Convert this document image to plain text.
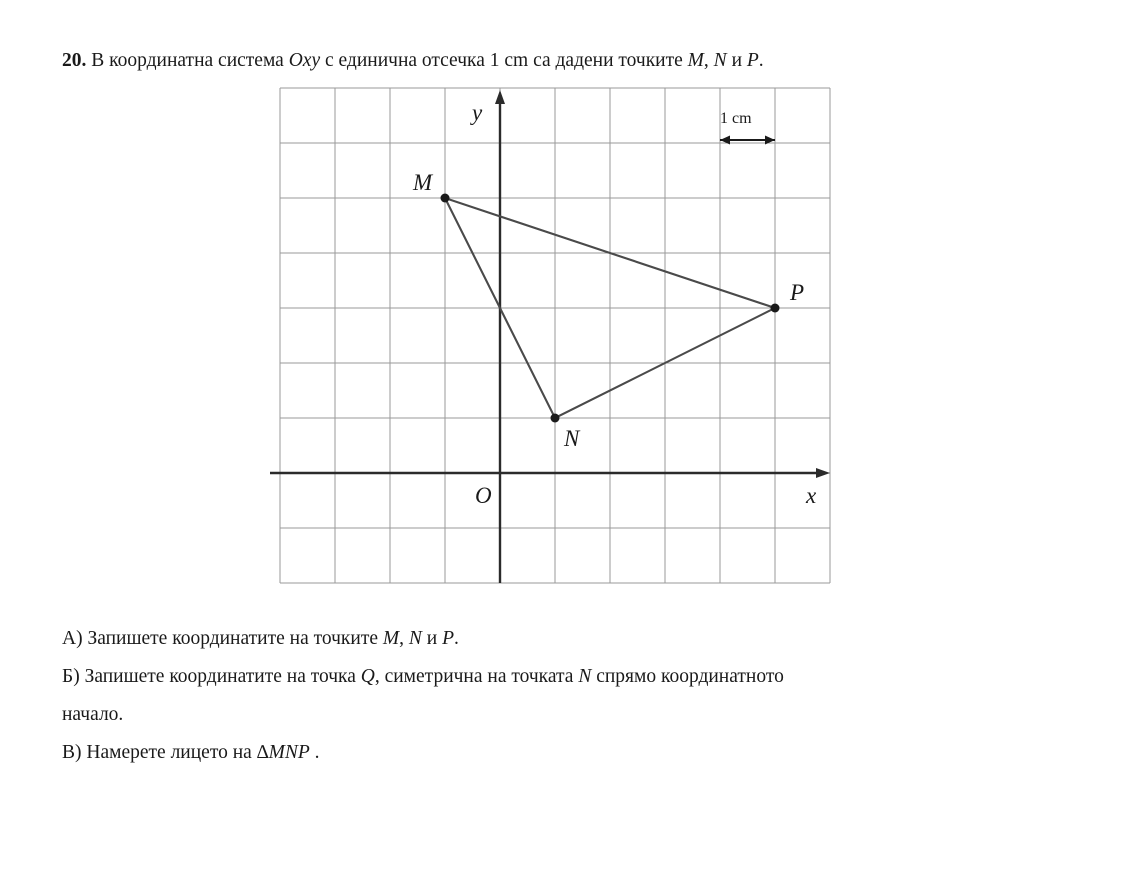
20. В координатна система Oxy с единична отсечка 1 cm са дадени точките M, N и P.
M
N
P
O	x
y	1 cm
А) Запишете координатите на точките M, N и P.
Б) Запишете координатите на точка Q, симетрична на точката N спрямо координатното
начало.
В) Намерете лицето на ∆MNP .
